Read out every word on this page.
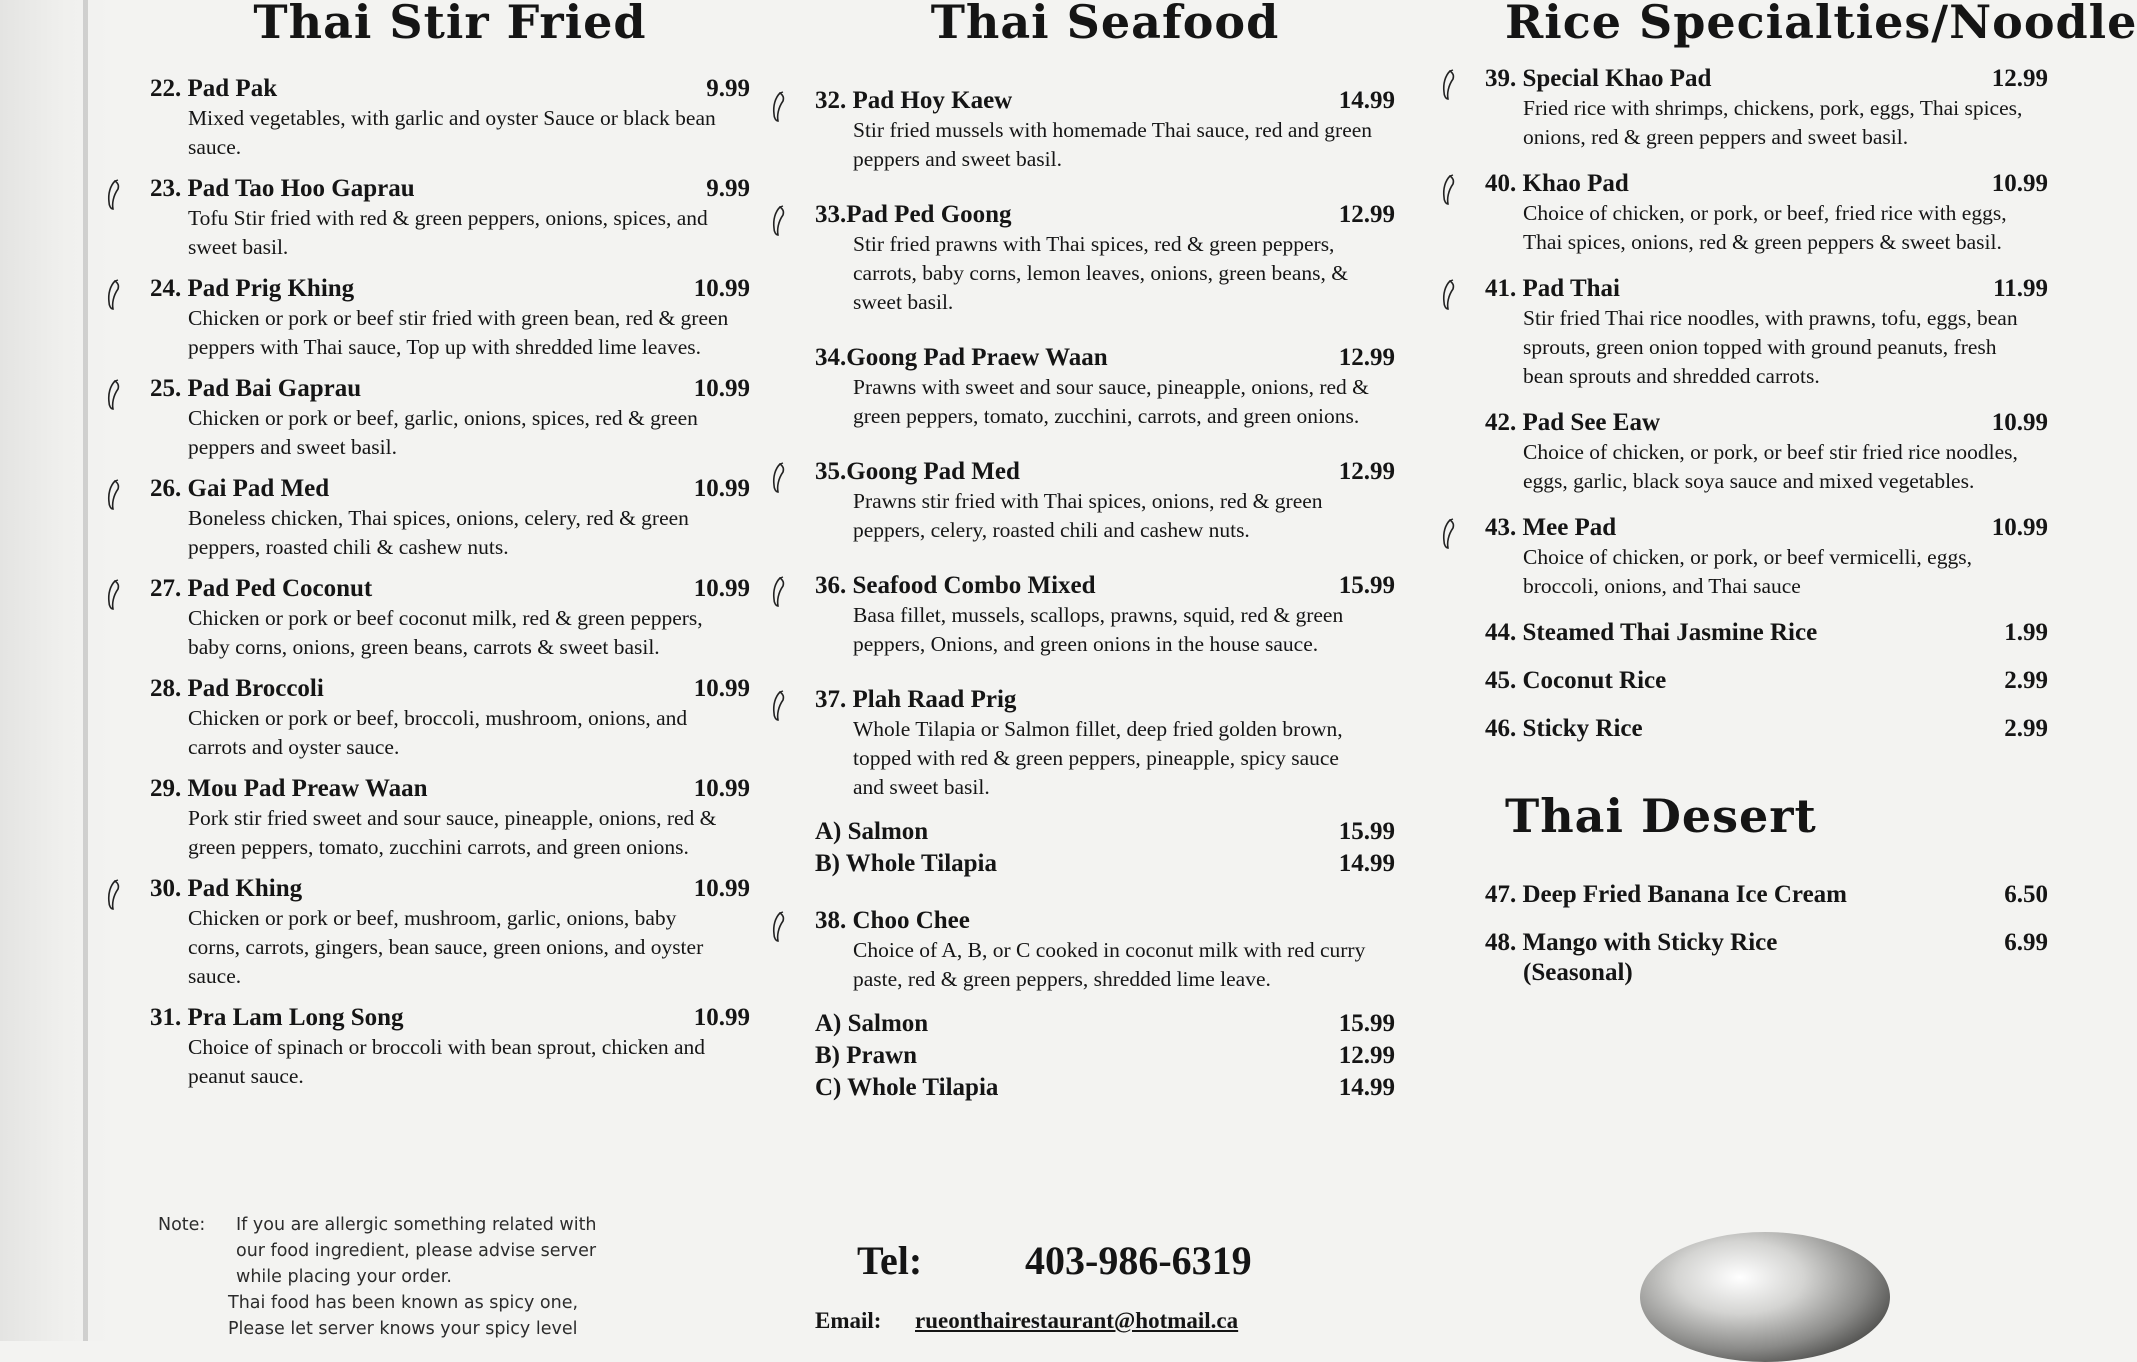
Thai Stir Fried
22. Pad Pak	9.99
Mixed vegetables, with garlic and oyster Sauce or black bean sauce.
23. Pad Tao Hoo Gaprau	9.99
Tofu Stir fried with red & green peppers, onions, spices, and sweet basil.
24. Pad Prig Khing	10.99
Chicken or pork or beef stir fried with green bean, red & green peppers with Thai sauce, Top up with shredded lime leaves.
25. Pad Bai Gaprau	10.99
Chicken or pork or beef, garlic, onions, spices, red & green peppers and sweet basil.
26. Gai Pad Med	10.99
Boneless chicken, Thai spices, onions, celery, red & green peppers, roasted chili & cashew nuts.
27. Pad Ped Coconut	10.99
Chicken or pork or beef coconut milk, red & green peppers, baby corns, onions, green beans, carrots & sweet basil.
28. Pad Broccoli	10.99
Chicken or pork or beef, broccoli, mushroom, onions, and carrots and oyster sauce.
29. Mou Pad Preaw Waan	10.99
Pork stir fried sweet and sour sauce, pineapple, onions, red & green peppers, tomato, zucchini carrots, and green onions.
30. Pad Khing	10.99
Chicken or pork or beef, mushroom, garlic, onions, baby corns, carrots, gingers, bean sauce, green onions, and oyster sauce.
31. Pra Lam Long Song	10.99
Choice of spinach or broccoli with bean sprout, chicken and peanut sauce.
Note: If you are allergic something related with
our food ingredient, please advise server
while placing your order.
Thai food has been known as spicy one,
Please let server knows your spicy level
Thai Seafood
32. Pad Hoy Kaew	14.99
Stir fried mussels with homemade Thai sauce, red and green peppers and sweet basil.
33.Pad Ped Goong	12.99
Stir fried prawns with Thai spices, red & green peppers, carrots, baby corns, lemon leaves, onions, green beans, & sweet basil.
34.Goong Pad Praew Waan	12.99
Prawns with sweet and sour sauce, pineapple, onions, red & green peppers, tomato, zucchini, carrots, and green onions.
35.Goong Pad Med	12.99
Prawns stir fried with Thai spices, onions, red & green peppers, celery, roasted chili and cashew nuts.
36. Seafood Combo Mixed	15.99
Basa fillet, mussels, scallops, prawns, squid, red & green peppers, Onions, and green onions in the house sauce.
37. Plah Raad Prig
Whole Tilapia or Salmon fillet, deep fried golden brown, topped with red & green peppers, pineapple, spicy sauce and sweet basil.
A) Salmon	15.99
B) Whole Tilapia	14.99
38. Choo Chee
Choice of A, B, or C cooked in coconut milk with red curry paste, red & green peppers, shredded lime leave.
A) Salmon	15.99
B) Prawn	12.99
C) Whole Tilapia	14.99
Tel:	403-986-6319
Email:	rueonthairestaurant@hotmail.ca
Rice Specialties/Noodle
39. Special Khao Pad	12.99
Fried rice with shrimps, chickens, pork, eggs, Thai spices, onions, red & green peppers and sweet basil.
40. Khao Pad	10.99
Choice of chicken, or pork, or beef, fried rice with eggs, Thai spices, onions, red & green peppers & sweet basil.
41. Pad Thai	11.99
Stir fried Thai rice noodles, with prawns, tofu, eggs, bean sprouts, green onion topped with ground peanuts, fresh bean sprouts and shredded carrots.
42. Pad See Eaw	10.99
Choice of chicken, or pork, or beef stir fried rice noodles, eggs, garlic, black soya sauce and mixed vegetables.
43. Mee Pad	10.99
Choice of chicken, or pork, or beef vermicelli, eggs, broccoli, onions, and Thai sauce
44. Steamed Thai Jasmine Rice	1.99
45. Coconut Rice	2.99
46. Sticky Rice	2.99
Thai Desert
47. Deep Fried Banana Ice Cream	6.50
48. Mango with Sticky Rice	6.99
(Seasonal)
